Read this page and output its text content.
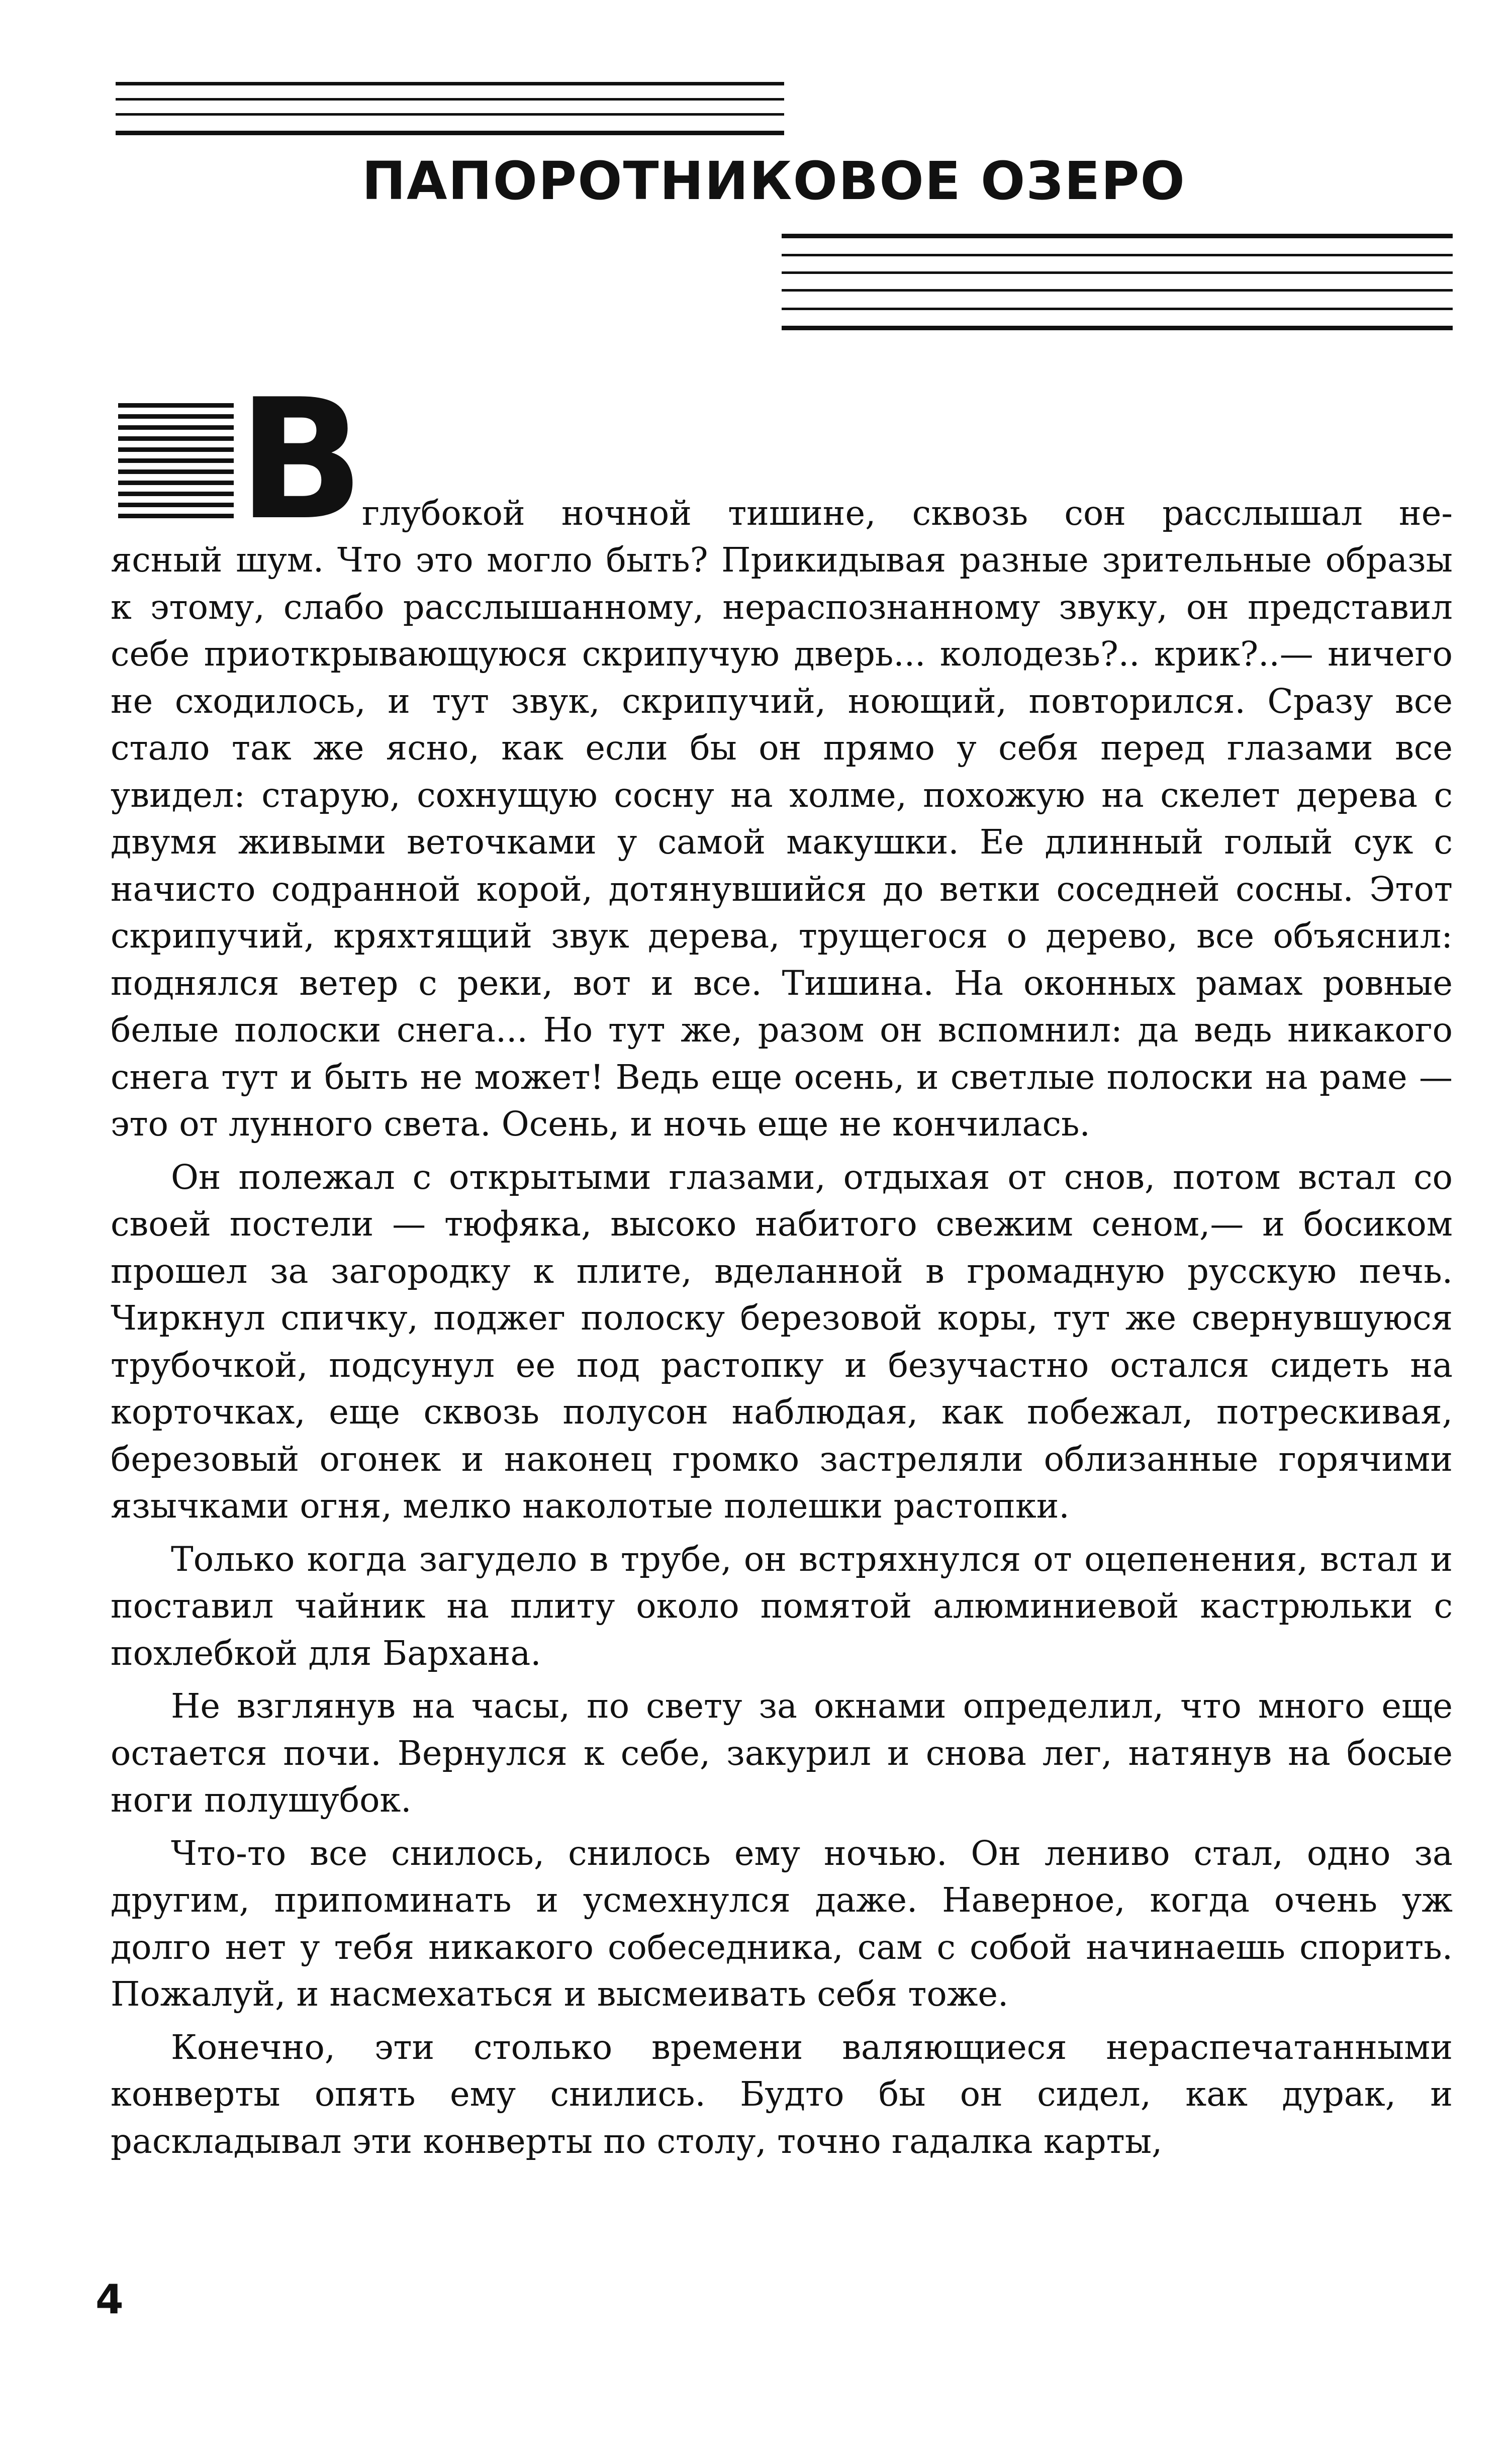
ПАПОРОТНИКОВОЕ ОЗЕРО
В
глубокой ночной тишине, сквозь сон расслышал не-

ясный шум. Что это могло быть? Прикидывая разные зрительные образы к этому, слабо расслышанному, нераспознанному звуку, он представил себе приоткрывающуюся скрипучую дверь... колодезь?.. крик?..— ничего не сходилось, и тут звук, скрипучий, ноющий, повторился. Сразу все стало так же ясно, как если бы он прямо у себя перед глазами все увидел: старую, сохнущую сосну на холме, похожую на скелет дерева с двумя живыми веточками у самой макушки. Ее длинный голый сук с начисто содранной корой, дотянувшийся до ветки соседней сосны. Этот скрипучий, кряхтящий звук дерева, трущегося о дерево, все объяснил: поднялся ветер с реки, вот и все. Тишина. На оконных рамах ровные белые полоски снега... Но тут же, разом он вспомнил: да ведь никакого снега тут и быть не может! Ведь еще осень, и светлые полоски на раме — это от лунного света. Осень, и ночь еще не кончилась.

Он полежал с открытыми глазами, отдыхая от снов, потом встал со своей постели — тюфяка, высоко набитого свежим сеном,— и босиком прошел за загородку к плите, вделанной в громадную русскую печь. Чиркнул спичку, поджег полоску березовой коры, тут же свернувшуюся трубочкой, подсунул ее под растопку и безучастно остался сидеть на корточках, еще сквозь полусон наблюдая, как побежал, потрескивая, березовый огонек и наконец громко застреляли облизанные горячими язычками огня, мелко наколотые полешки растопки.

Только когда загудело в трубе, он встряхнулся от оцепенения, встал и поставил чайник на плиту около помятой алюминиевой кастрюльки с похлебкой для Бархана.

Не взглянув на часы, по свету за окнами определил, что много еще остается почи. Вернулся к себе, закурил и снова лег, натянув на босые ноги полушубок.

Что-то все снилось, снилось ему ночью. Он лениво стал, одно за другим, припоминать и усмехнулся даже. Наверное, когда очень уж долго нет у тебя никакого собеседника, сам с собой начинаешь спорить. Пожалуй, и насмехаться и высмеивать себя тоже.

Конечно, эти столько времени валяющиеся нераспечатанными конверты опять ему снились. Будто бы он сидел, как дурак, и раскладывал эти конверты по столу, точно гадалка карты,

4
